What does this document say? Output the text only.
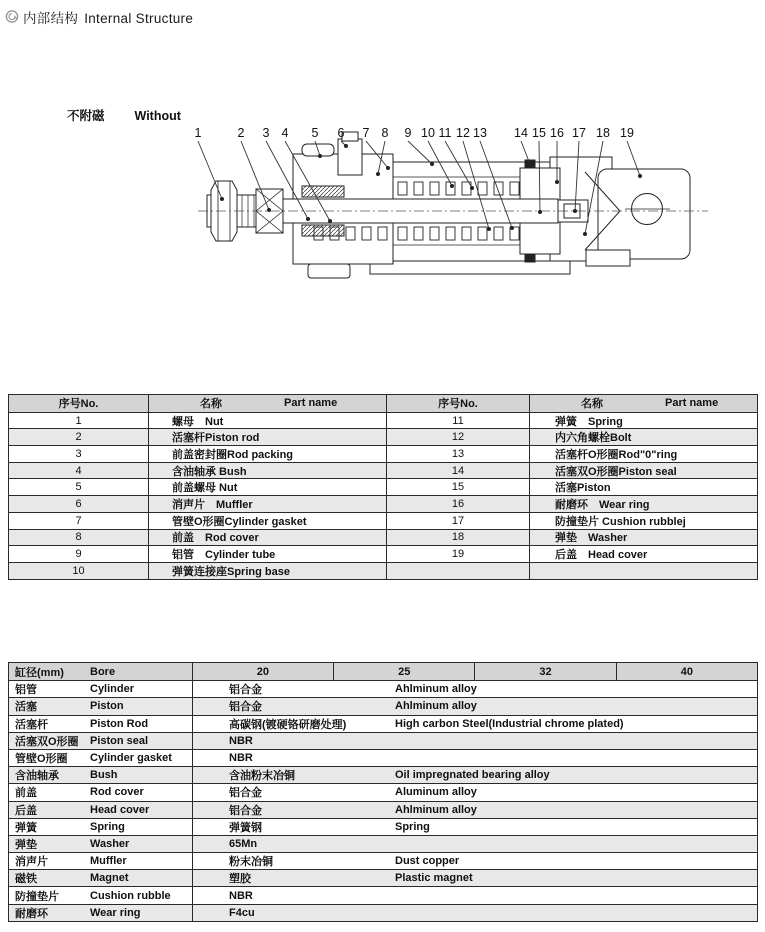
内部结构 Internal Structure
不附磁 Without
1	2 3 4 5 6 7 8 9 10 11 12 13 14 15 16 17 18 19
序号No.	名称	Part name	序号No.	名称	Part name
1	螺母　Nut	11	弹簧　Spring
2	活塞杆Piston rod	12	内六角螺栓Bolt
3	前盖密封圈Rod packing	13	活塞杆O形圈Rod"0"ring
4	含油轴承 Bush	14	活塞双O形圈Piston seal
5	前盖螺母 Nut	15	活塞Piston
6	消声片　Muffler	16	耐磨环　Wear ring
7	管壁O形圈Cylinder gasket	17	防撞垫片 Cushion rubblej
8	前盖　Rod cover	18	弹垫　Washer
9	铝管　Cylinder tube	19	后盖　Head cover
10	弹簧连接座Spring base
缸径(mm)	Bore	20	25	32	40
铝管	Cylinder	铝合金	Ahlminum alloy
活塞	Piston	铝合金	Ahlminum alloy
活塞杆	Piston Rod	高碳钢(镀硬铬研磨处理)	High carbon Steel(Industrial chrome plated)
活塞双O形圈	Piston seal	NBR
管壁O形圈	Cylinder gasket	NBR
含油轴承	Bush	含油粉末冶铜	Oil impregnated bearing alloy
前盖	Rod cover	铝合金	Aluminum alloy
后盖	Head cover	铝合金	Ahlminum alloy
弹簧	Spring	弹簧钢	Spring
弹垫	Washer	65Mn
消声片	Muffler	粉末冶铜	Dust copper
磁铁	Magnet	塑胶	Plastic magnet
防撞垫片	Cushion rubble	NBR
耐磨环	Wear ring	F4cu
